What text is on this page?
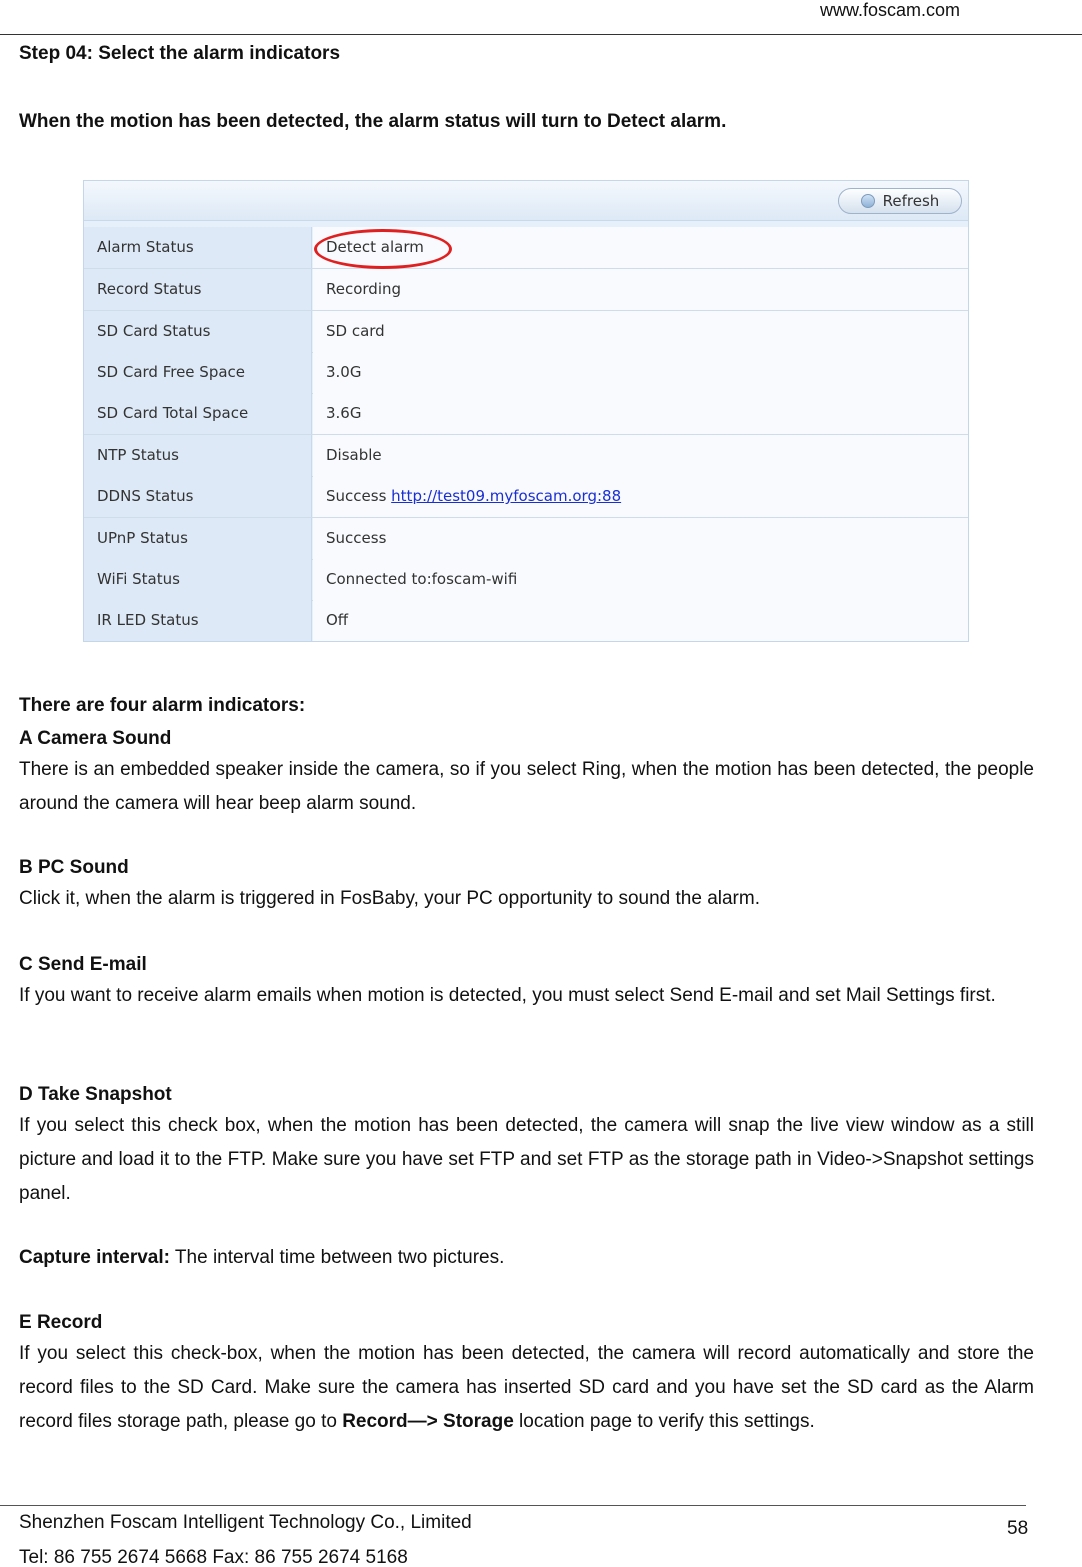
www.foscam.com
Step 04: Select the alarm indicators
When the motion has been detected, the alarm status will turn to Detect alarm.
Refresh
Alarm Status	Detect alarm
Record Status	Recording
SD Card Status	SD card
SD Card Free Space	3.0G
SD Card Total Space	3.6G
NTP Status	Disable
DDNS Status	Success http://test09.myfoscam.org:88
UPnP Status	Success
WiFi Status	Connected to:foscam-wifi
IR LED Status	Off
There are four alarm indicators:
A Camera Sound
There is an embedded speaker inside the camera, so if you select Ring, when the motion has been detected, the people around the camera will hear beep alarm sound.
B PC Sound
Click it, when the alarm is triggered in FosBaby, your PC opportunity to sound the alarm.
C Send E-mail
If you want to receive alarm emails when motion is detected, you must select Send E-mail and set Mail Settings first.
D Take Snapshot
If you select this check box, when the motion has been detected, the camera will snap the live view window as a still picture and load it to the FTP. Make sure you have set FTP and set FTP as the storage path in Video->Snapshot settings panel.
Capture interval: The interval time between two pictures.
E Record
If you select this check-box, when the motion has been detected, the camera will record automatically and store the record files to the SD Card. Make sure the camera has inserted SD card and you have set the SD card as the Alarm record files storage path, please go to Record—> Storage location page to verify this settings.
Shenzhen Foscam Intelligent Technology Co., Limited
Tel: 86 755 2674 5668 Fax: 86 755 2674 5168
58
